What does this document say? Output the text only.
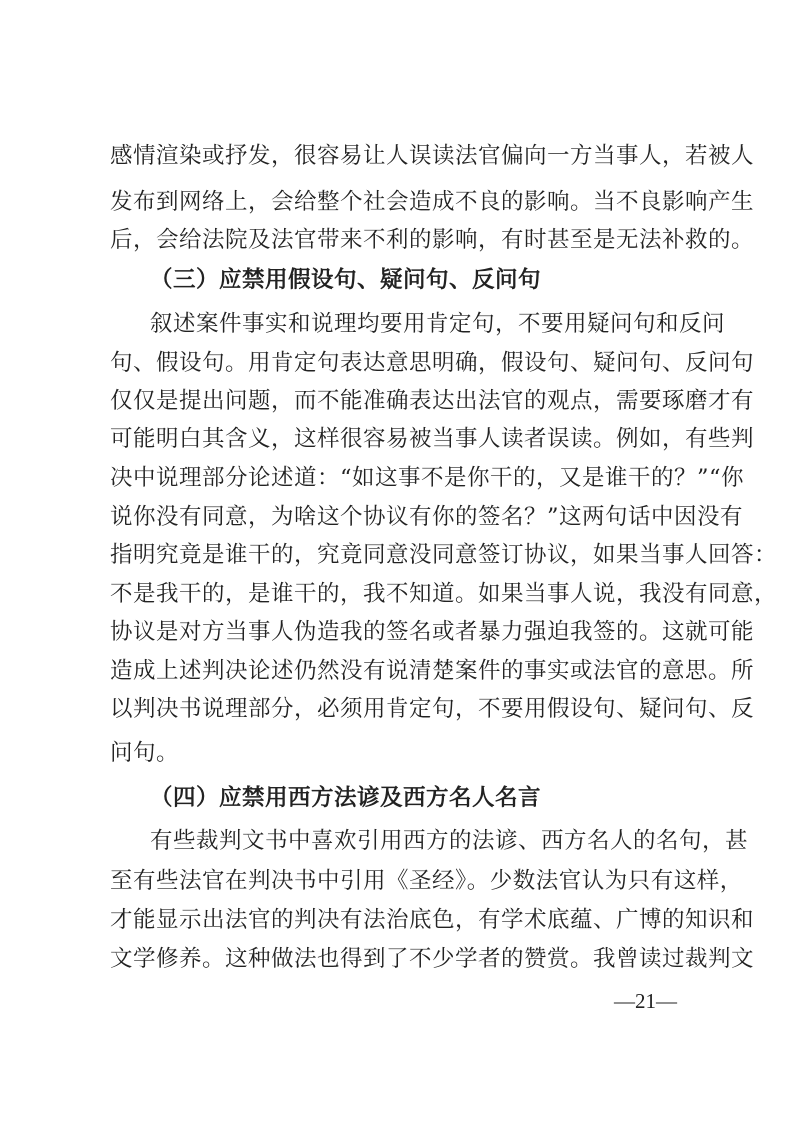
感情渲染或抒发，很容易让人误读法官偏向一方当事人，若被人
发布到网络上，会给整个社会造成不良的影响。当不良影响产生
后，会给法院及法官带来不利的影响，有时甚至是无法补救的。
（三）应禁用假设句、疑问句、反问句
叙述案件事实和说理均要用肯定句，不要用疑问句和反问
句、假设句。用肯定句表达意思明确，假设句、疑问句、反问句
仅仅是提出问题，而不能准确表达出法官的观点，需要琢磨才有
可能明白其含义，这样很容易被当事人读者误读。例如，有些判
决中说理部分论述道：“如这事不是你干的，又是谁干的？”“你
说你没有同意，为啥这个协议有你的签名？”这两句话中因没有
指明究竟是谁干的，究竟同意没同意签订协议，如果当事人回答：
不是我干的，是谁干的，我不知道。如果当事人说，我没有同意，
协议是对方当事人伪造我的签名或者暴力强迫我签的。这就可能
造成上述判决论述仍然没有说清楚案件的事实或法官的意思。所
以判决书说理部分，必须用肯定句，不要用假设句、疑问句、反
问句。
（四）应禁用西方法谚及西方名人名言
有些裁判文书中喜欢引用西方的法谚、西方名人的名句，甚
至有些法官在判决书中引用《圣经》。少数法官认为只有这样，
才能显示出法官的判决有法治底色，有学术底蕴、广博的知识和
文学修养。这种做法也得到了不少学者的赞赏。我曾读过裁判文
—21—
